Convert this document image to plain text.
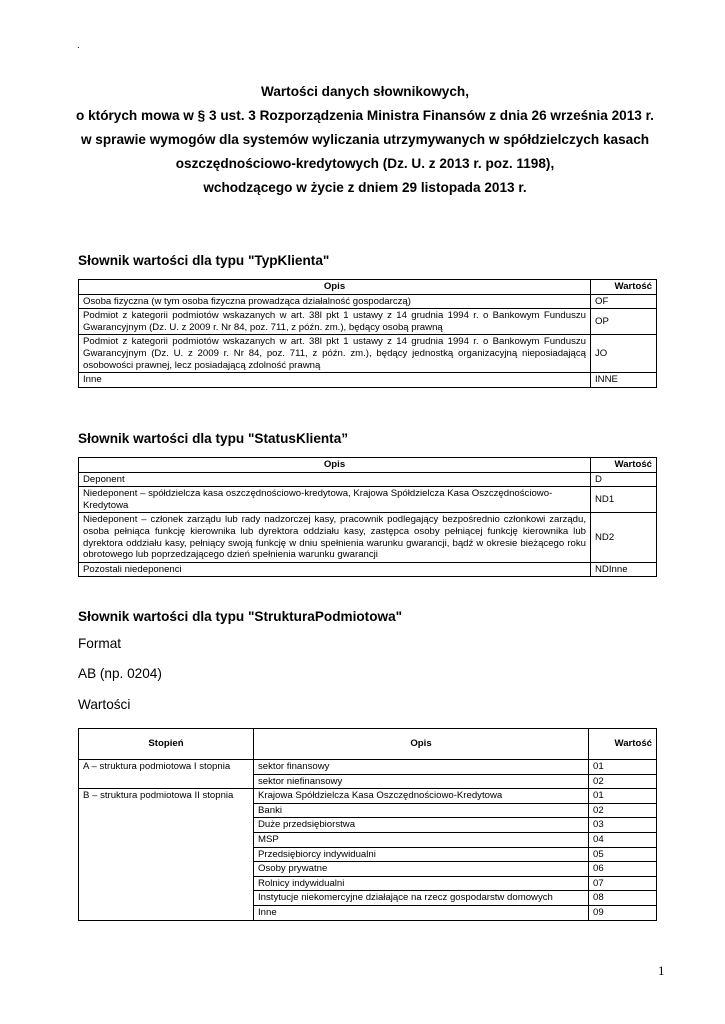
.
Wartości danych słownikowych,
o których mowa w § 3 ust. 3 Rozporządzenia Ministra Finansów z dnia 26 września 2013 r.
w sprawie wymogów dla systemów wyliczania utrzymywanych w spółdzielczych kasach
oszczędnościowo-kredytowych (Dz. U. z 2013 r. poz. 1198),
wchodzącego w życie z dniem 29 listopada 2013 r.
Słownik wartości dla typu "TypKlienta"
Opis	Wartość
Osoba fizyczna (w tym osoba fizyczna prowadząca działalność gospodarczą)	OF
Podmiot z kategorii podmiotów wskazanych w art. 38l pkt 1 ustawy z 14 grudnia 1994 r. o Bankowym Funduszu Gwarancyjnym (Dz. U. z 2009 r. Nr 84, poz. 711, z późn. zm.), będący osobą prawną	OP
Podmiot z kategorii podmiotów wskazanych w art. 38l pkt 1 ustawy z 14 grudnia 1994 r. o Bankowym Funduszu Gwarancyjnym (Dz. U. z 2009 r. Nr 84, poz. 711, z późn. zm.), będący jednostką organizacyjną nieposiadającą osobowości prawnej, lecz posiadającą zdolność prawną	JO
Inne	INNE
Słownik wartości dla typu "StatusKlienta”
Opis	Wartość
Deponent	D
Niedeponent – spółdzielcza kasa oszczędnościowo-kredytowa, Krajowa Spółdzielcza Kasa Oszczędnościowo-Kredytowa	ND1
Niedeponent – członek zarządu lub rady nadzorczej kasy, pracownik podlegający bezpośrednio członkowi zarządu, osoba pełniąca funkcję kierownika lub dyrektora oddziału kasy, zastępca osoby pełniącej funkcję kierownika lub dyrektora oddziału kasy, pełniący swoją funkcję w dniu spełnienia warunku gwarancji, bądź w okresie bieżącego roku obrotowego lub poprzedzającego dzień spełnienia warunku gwarancji	ND2
Pozostali niedeponenci	NDInne
Słownik wartości dla typu "StrukturaPodmiotowa"
Format
AB (np. 0204)
Wartości
Stopień	Opis	Wartość
A – struktura podmiotowa I stopnia	sektor finansowy	01
	sektor niefinansowy	02
B – struktura podmiotowa II stopnia	Krajowa Spółdzielcza Kasa Oszczędnościowo-Kredytowa	01
	Banki	02
	Duże przedsiębiorstwa	03
	MSP	04
	Przedsiębiorcy indywidualni	05
	Osoby prywatne	06
	Rolnicy indywidualni	07
	Instytucje niekomercyjne działające na rzecz gospodarstw domowych	08
	Inne	09
1
